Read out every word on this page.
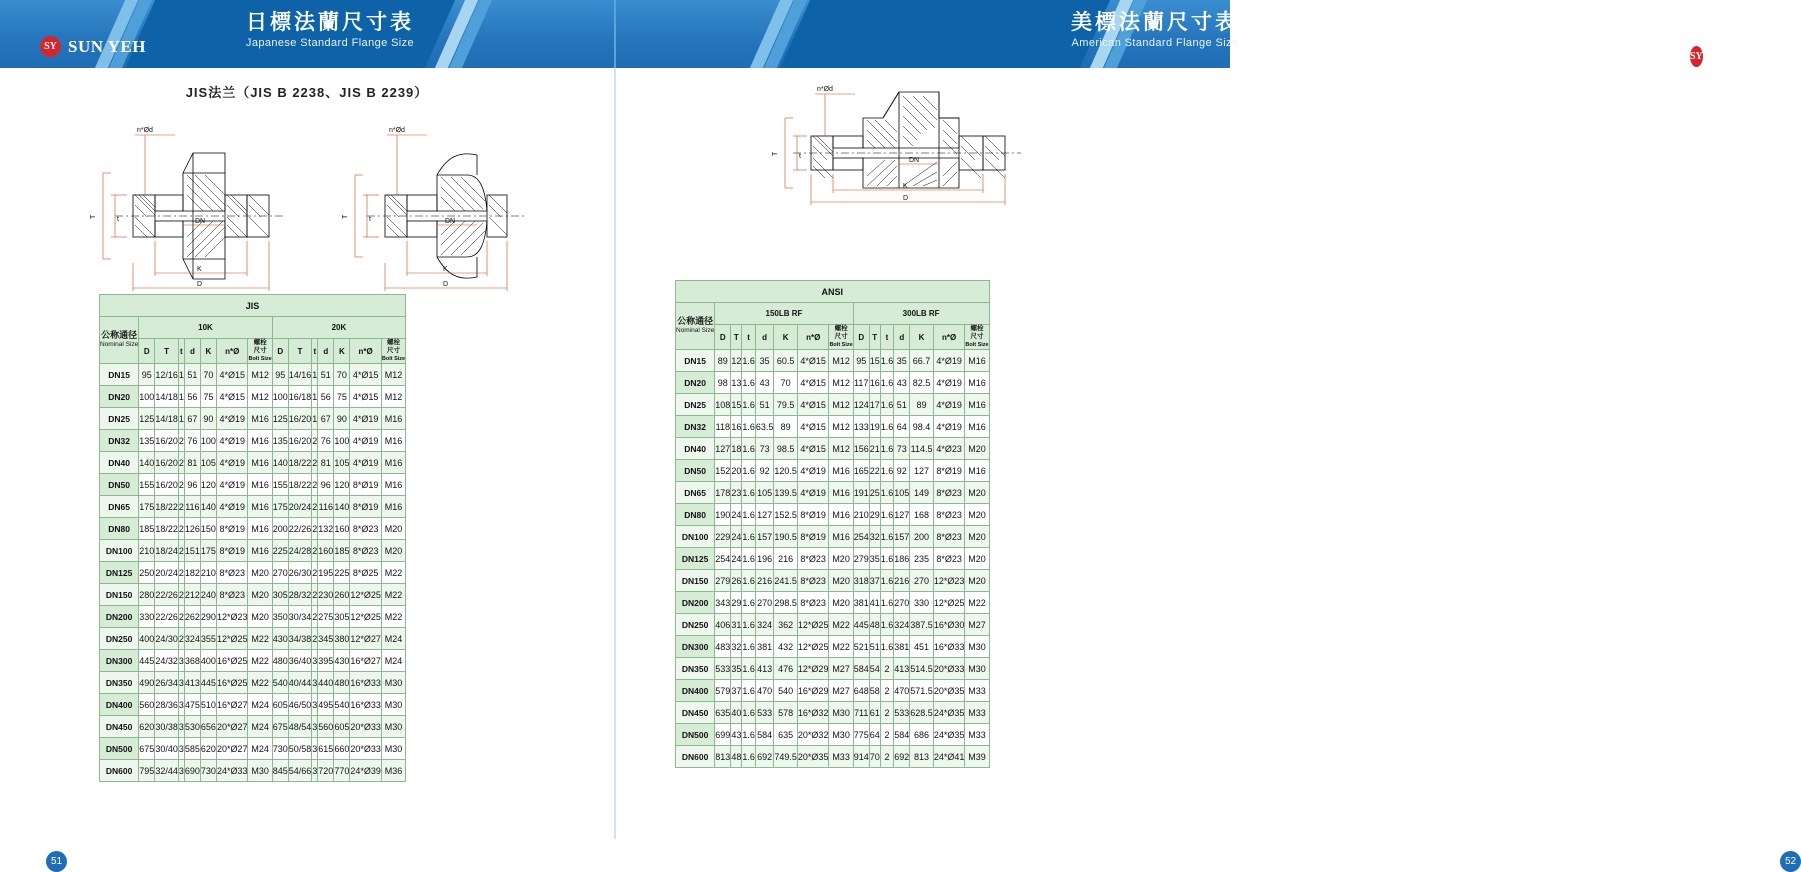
日標法蘭尺寸表
Japanese Standard Flange Size
SY SUN YEH
美標法蘭尺寸表
American Standard Flange Size
SY
SUN YEH
JIS法兰（JIS B 2238、JIS B 2239）
T	t	DN
K
D
n*Ød
T	t	DN
K
D
n*Ød
JIS														

公称通径
Nominal Size	10K							20K						
	D	T	t	d	K	n*Ø	螺栓
尺寸
Bolt Size	D	T	t	d	K	n*Ø	螺栓
尺寸
Bolt Size
DN15	95	12/16	1	51	70	4*Ø15	M12	95	14/16	1	51	70	4*Ø15	M12
DN20	100	14/18	1	56	75	4*Ø15	M12	100	16/18	1	56	75	4*Ø15	M12
DN25	125	14/18	1	67	90	4*Ø19	M16	125	16/20	1	67	90	4*Ø19	M16
DN32	135	16/20	2	76	100	4*Ø19	M16	135	16/20	2	76	100	4*Ø19	M16
DN40	140	16/20	2	81	105	4*Ø19	M16	140	18/22	2	81	105	4*Ø19	M16
DN50	155	16/20	2	96	120	4*Ø19	M16	155	18/22	2	96	120	8*Ø19	M16
DN65	175	18/22	2	116	140	4*Ø19	M16	175	20/24	2	116	140	8*Ø19	M16
DN80	185	18/22	2	126	150	8*Ø19	M16	200	22/26	2	132	160	8*Ø23	M20
DN100	210	18/24	2	151	175	8*Ø19	M16	225	24/28	2	160	185	8*Ø23	M20
DN125	250	20/24	2	182	210	8*Ø23	M20	270	26/30	2	195	225	8*Ø25	M22
DN150	280	22/26	2	212	240	8*Ø23	M20	305	28/32	2	230	260	12*Ø25	M22
DN200	330	22/26	2	262	290	12*Ø23	M20	350	30/34	2	275	305	12*Ø25	M22
DN250	400	24/30	2	324	355	12*Ø25	M22	430	34/38	2	345	380	12*Ø27	M24
DN300	445	24/32	3	368	400	16*Ø25	M22	480	36/40	3	395	430	16*Ø27	M24
DN350	490	26/34	3	413	445	16*Ø25	M22	540	40/44	3	440	480	16*Ø33	M30
DN400	560	28/36	3	475	510	16*Ø27	M24	605	46/50	3	495	540	16*Ø33	M30
DN450	620	30/38	3	530	656	20*Ø27	M24	675	48/54	3	560	605	20*Ø33	M30
DN500	675	30/40	3	585	620	20*Ø27	M24	730	50/58	3	615	660	20*Ø33	M30
DN600	795	32/44	3	690	730	24*Ø33	M30	845	54/66	3	720	770	24*Ø39	M36
51
T	t
DN
K
D
n*Ød
ANSI														

公称通径
Nominal Size	150LB RF							300LB RF						
	D	T	t	d	K	n*Ø	螺栓
尺寸
Bolt Size	D	T	t	d	K	n*Ø	螺栓
尺寸
Bolt Size
DN15	89	12	1.6	35	60.5	4*Ø15	M12	95	15	1.6	35	66.7	4*Ø19	M16
DN20	98	13	1.6	43	70	4*Ø15	M12	117	16	1.6	43	82.5	4*Ø19	M16
DN25	108	15	1.6	51	79.5	4*Ø15	M12	124	17	1.6	51	89	4*Ø19	M16
DN32	118	16	1.6	63.5	89	4*Ø15	M12	133	19	1.6	64	98.4	4*Ø19	M16
DN40	127	18	1.6	73	98.5	4*Ø15	M12	156	21	1.6	73	114.5	4*Ø23	M20
DN50	152	20	1.6	92	120.5	4*Ø19	M16	165	22	1.6	92	127	8*Ø19	M16
DN65	178	23	1.6	105	139.5	4*Ø19	M16	191	25	1.6	105	149	8*Ø23	M20
DN80	190	24	1.6	127	152.5	8*Ø19	M16	210	29	1.6	127	168	8*Ø23	M20
DN100	229	24	1.6	157	190.5	8*Ø19	M16	254	32	1.6	157	200	8*Ø23	M20
DN125	254	24	1.6	196	216	8*Ø23	M20	279	35	1.6	186	235	8*Ø23	M20
DN150	279	26	1.6	216	241.5	8*Ø23	M20	318	37	1.6	216	270	12*Ø23	M20
DN200	343	29	1.6	270	298.5	8*Ø23	M20	381	41	1.6	270	330	12*Ø25	M22
DN250	406	31	1.6	324	362	12*Ø25	M22	445	48	1.6	324	387.5	16*Ø30	M27
DN300	483	32	1.6	381	432	12*Ø25	M22	521	51	1.6	381	451	16*Ø33	M30
DN350	533	35	1.6	413	476	12*Ø29	M27	584	54	2	413	514.5	20*Ø33	M30
DN400	579	37	1.6	470	540	16*Ø29	M27	648	58	2	470	571.5	20*Ø35	M33
DN450	635	40	1.6	533	578	16*Ø32	M30	711	61	2	533	628.5	24*Ø35	M33
DN500	699	43	1.6	584	635	20*Ø32	M30	775	64	2	584	686	24*Ø35	M33
DN600	813	48	1.6	692	749.5	20*Ø35	M33	914	70	2	692	813	24*Ø41	M39
52
